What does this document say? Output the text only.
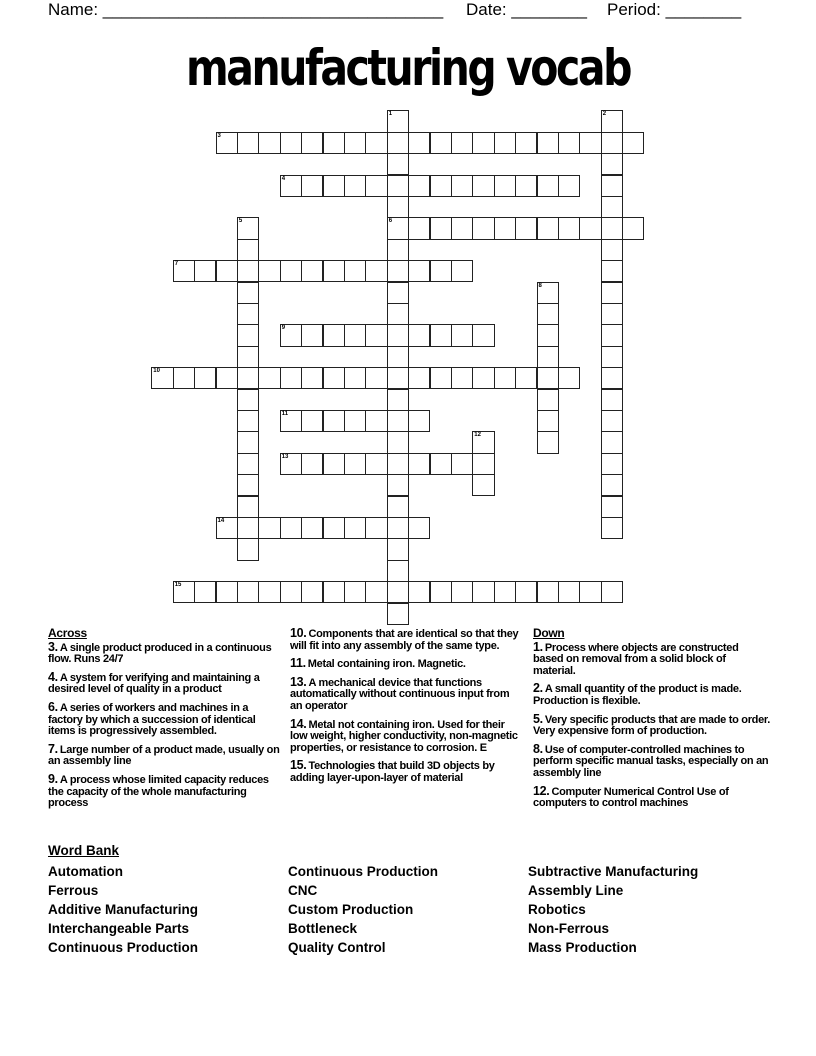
Name: ____________________________________ Date: ________ Period: ________
manufacturing vocab
1
6
2
3
4
5
7
8
9
10
11
12
13
14
15
Across
3. A single product produced in a continuous flow. Runs 24/7
4. A system for verifying and maintaining a desired level of quality in a product
6. A series of workers and machines in a factory by which a succession of identical items is progressively assembled.
7. Large number of a product made, usually on an assembly line
9. A process whose limited capacity reduces the capacity of the whole manufacturing process
10. Components that are identical so that they will fit into any assembly of the same type.
11. Metal containing iron. Magnetic.
13. A mechanical device that functions automatically without continuous input from an operator
14. Metal not containing iron. Used for their low weight, higher conductivity, non-magnetic properties, or resistance to corrosion. E
15. Technologies that build 3D objects by adding layer-upon-layer of material
Down
1. Process where objects are constructed based on removal from a solid block of material.
2. A small quantity of the product is made. Production is flexible.
5. Very specific products that are made to order. Very expensive form of production.
8. Use of computer-controlled machines to perform specific manual tasks, especially on an assembly line
12. Computer Numerical Control Use of computers to control machines
Word Bank
Automation
Ferrous
Additive Manufacturing
Interchangeable Parts
Continuous Production
Continuous Production
CNC
Custom Production
Bottleneck
Quality Control
Subtractive Manufacturing
Assembly Line
Robotics
Non-Ferrous
Mass Production
